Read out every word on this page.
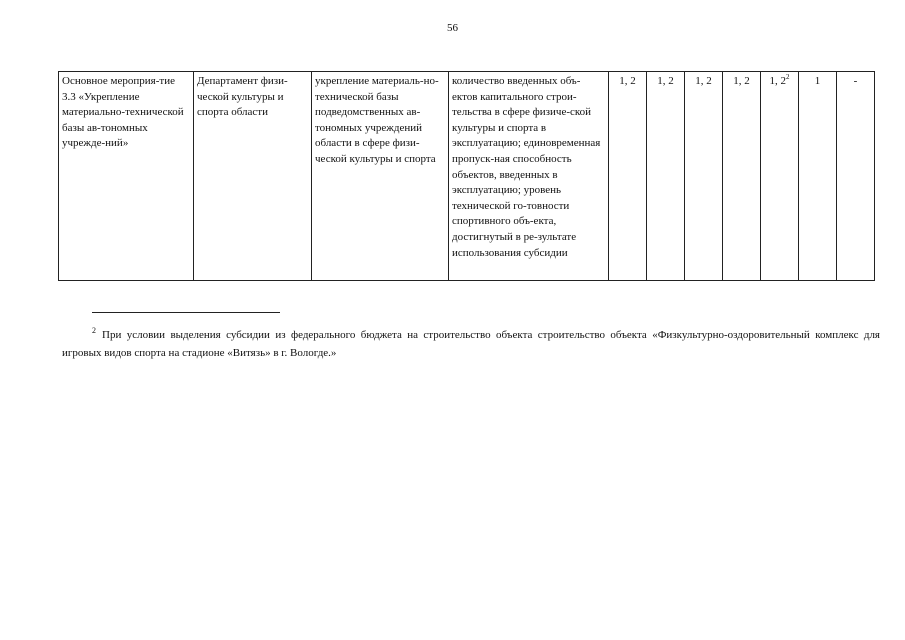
56
Основное мероприя-тие 3.3 «Укрепление материально-технической базы ав-тономных учрежде-ний»	Департамент физи-ческой культуры и спорта области	укрепление материаль-но-технической базы подведомственных ав-тономных учреждений области в сфере физи-ческой культуры и спорта	количество введенных объ-ектов капитального строи-тельства в сфере физиче-ской культуры и спорта в эксплуатацию; единовременная пропуск-ная способность объектов, введенных в эксплуатацию; уровень технической го-товности спортивного объ-екта, достигнутый в ре-зультате использования субсидии	1, 2	1, 2	1, 2	1, 2	1, $2^2$	1	-
$^2$ При условии выделения субсидии из федерального бюджета на строительство объекта строительство объекта «Физкультурно-оздоровительный комплекс для игровых видов спорта на стадионе «Витязь» в г. Вологде.»
